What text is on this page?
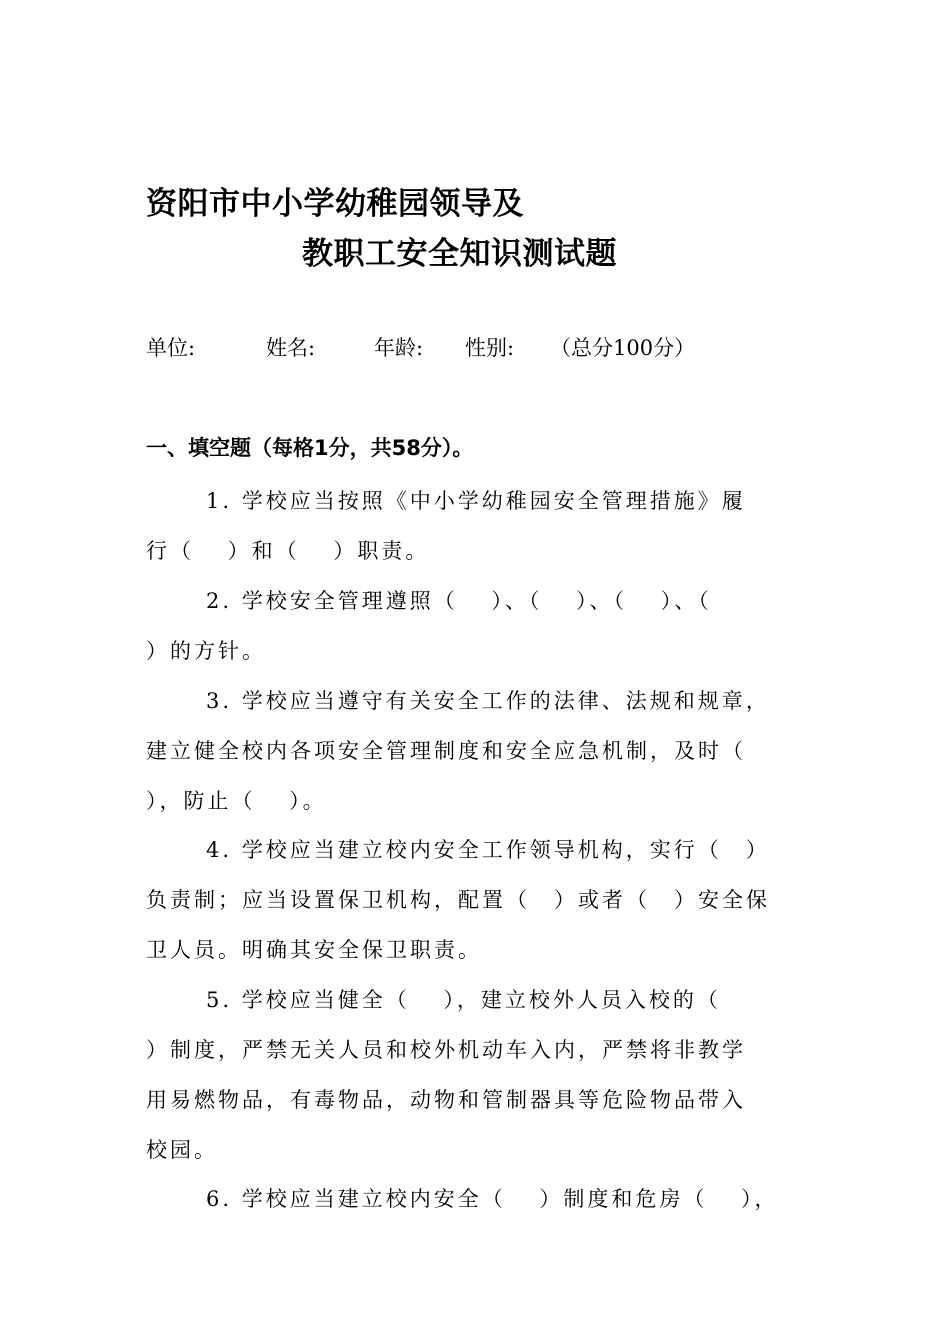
资阳市中小学幼稚园领导及
教职工安全知识测试题
单位:	姓名:	年龄: 性别: （总分100分）
一、填空题（每格1分，共58分）。
1. 学校应当按照《中小学幼稚园安全管理措施》履
行（　 ）和（　 ）职责。
2. 学校安全管理遵照（　 ）、（　 ）、（　 ）、（
）的方针。
3. 学校应当遵守有关安全工作的法律、法规和规章，
建立健全校内各项安全管理制度和安全应急机制，及时（
），防止（　 ）。
4. 学校应当建立校内安全工作领导机构，实行（　）
负责制；应当设置保卫机构，配置（　）或者（　）安全保
卫人员。明确其安全保卫职责。
5. 学校应当健全（　 ），建立校外人员入校的（
）制度，严禁无关人员和校外机动车入内，严禁将非教学
用易燃物品，有毒物品，动物和管制器具等危险物品带入
校园。
6. 学校应当建立校内安全（　 ）制度和危房（　 ），
